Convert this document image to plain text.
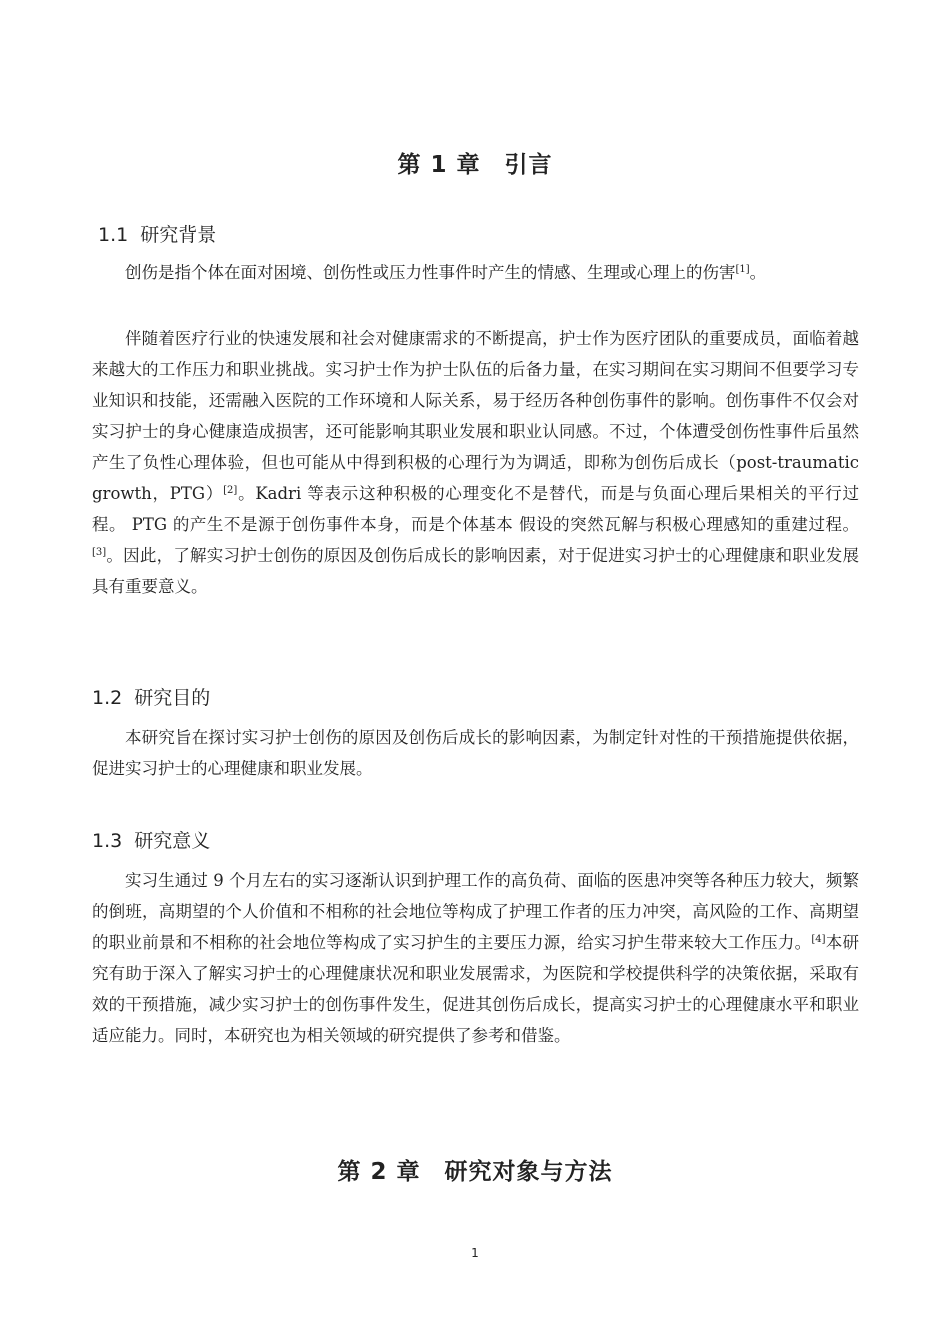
第 1 章　引言
1.1  研究背景

创伤是指个体在面对困境、创伤性或压力性事件时产生的情感、生理或心理上的伤害[1]。

伴随着医疗行业的快速发展和社会对健康需求的不断提高，护士作为医疗团队的重要成员，面临着越来越大的工作压力和职业挑战。实习护士作为护士队伍的后备力量，在实习期间在实习期间不但要学习专业知识和技能，还需融入医院的工作环境和人际关系，易于经历各种创伤事件的影响。创伤事件不仅会对实习护士的身心健康造成损害，还可能影响其职业发展和职业认同感。不过，个体遭受创伤性事件后虽然产生了负性心理体验，但也可能从中得到积极的心理行为为调适，即称为创伤后成长（post-traumatic growth，PTG）[2]。Kadri 等表示这种积极的心理变化不是替代，而是与负面心理后果相关的平行过程。 PTG 的产生不是源于创伤事件本身，而是个体基本 假设的突然瓦解与积极心理感知的重建过程。[3]。因此，了解实习护士创伤的原因及创伤后成长的影响因素，对于促进实习护士的心理健康和职业发展具有重要意义。

1.2  研究目的

本研究旨在探讨实习护士创伤的原因及创伤后成长的影响因素，为制定针对性的干预措施提供依据，促进实习护士的心理健康和职业发展。

1.3  研究意义

实习生通过 9 个月左右的实习逐渐认识到护理工作的高负荷、面临的医患冲突等各种压力较大，频繁的倒班，高期望的个人价值和不相称的社会地位等构成了护理工作者的压力冲突，高风险的工作、高期望的职业前景和不相称的社会地位等构成了实习护生的主要压力源，给实习护生带来较大工作压力。[4]本研究有助于深入了解实习护士的心理健康状况和职业发展需求，为医院和学校提供科学的决策依据，采取有效的干预措施，减少实习护士的创伤事件发生，促进其创伤后成长，提高实习护士的心理健康水平和职业适应能力。同时，本研究也为相关领域的研究提供了参考和借鉴。

第 2 章　研究对象与方法
1
